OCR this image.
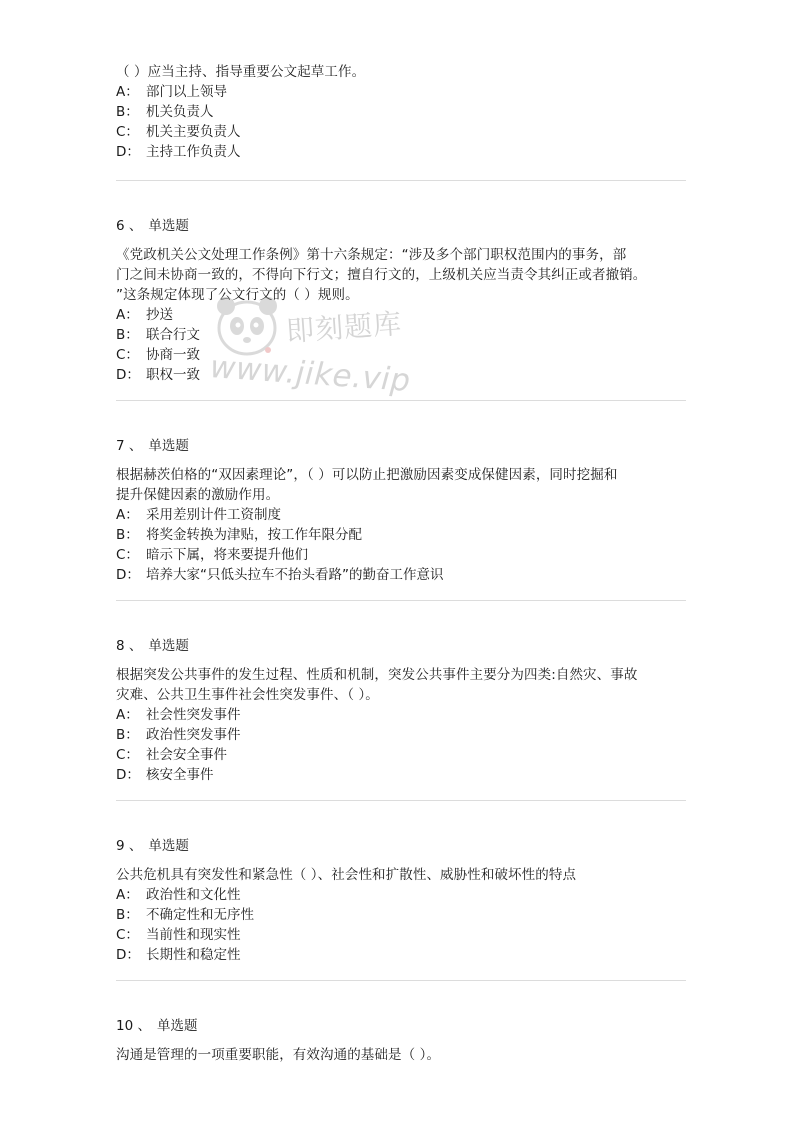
（ ）应当主持、指导重要公文起草工作。
A： 部门以上领导
B： 机关负责人
C： 机关主要负责人
D： 主持工作负责人
6 、 单选题
《党政机关公文处理工作条例》第十六条规定：“涉及多个部门职权范围内的事务，部
门之间未协商一致的，不得向下行文；擅自行文的，上级机关应当责令其纠正或者撤销。
”这条规定体现了公文行文的（ ）规则。
A： 抄送
B： 联合行文
C： 协商一致
D： 职权一致
7 、 单选题
根据赫茨伯格的“双因素理论”，（ ）可以防止把激励因素变成保健因素，同时挖掘和
提升保健因素的激励作用。
A： 采用差别计件工资制度
B： 将奖金转换为津贴，按工作年限分配
C： 暗示下属，将来要提升他们
D： 培养大家“只低头拉车不抬头看路”的勤奋工作意识
8 、 单选题
根据突发公共事件的发生过程、性质和机制，突发公共事件主要分为四类:自然灾、事故
灾难、公共卫生事件社会性突发事件、（ ）。
A： 社会性突发事件
B： 政治性突发事件
C： 社会安全事件
D： 核安全事件
9 、 单选题
公共危机具有突发性和紧急性（ ）、社会性和扩散性、威胁性和破坏性的特点
A： 政治性和文化性
B： 不确定性和无序性
C： 当前性和现实性
D： 长期性和稳定性
10 、 单选题
沟通是管理的一项重要职能，有效沟通的基础是（ ）。
即刻题库
www.jike.vip
